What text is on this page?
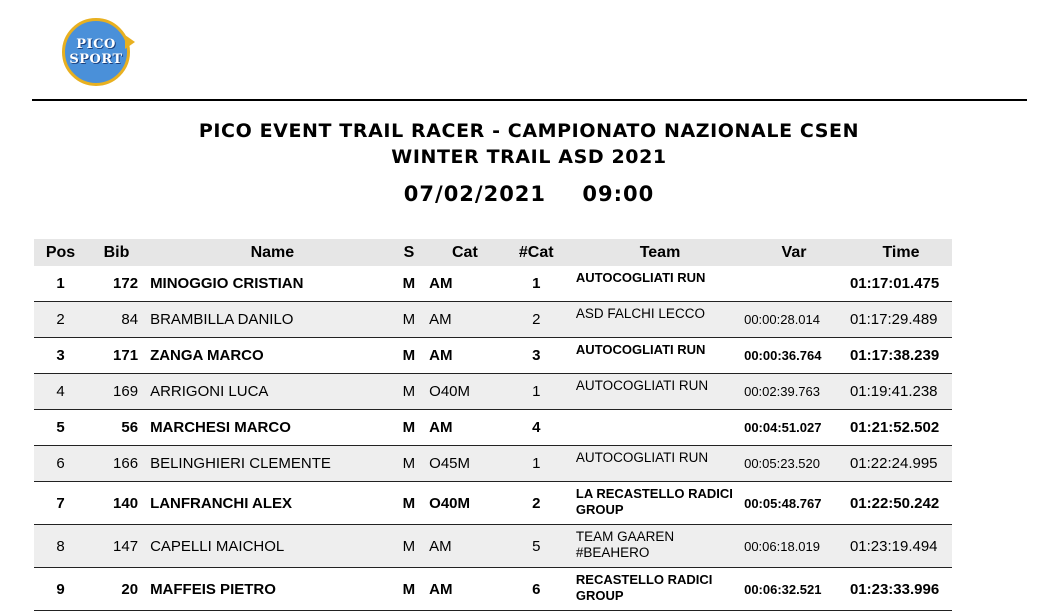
PICO
SPORT
PICO EVENT TRAIL RACER - CAMPIONATO NAZIONALE CSEN
WINTER TRAIL ASD 2021
07/02/2021 09:00
Pos	Bib	Name	S	Cat	#Cat	Team	Var	Time
1	172	MINOGGIO CRISTIAN	M	AM	1	AUTOCOGLIATI RUN		01:17:01.475
2	84	BRAMBILLA DANILO	M	AM	2	ASD FALCHI LECCO	00:00:28.014	01:17:29.489
3	171	ZANGA MARCO	M	AM	3	AUTOCOGLIATI RUN	00:00:36.764	01:17:38.239
4	169	ARRIGONI LUCA	M	O40M	1	AUTOCOGLIATI RUN	00:02:39.763	01:19:41.238
5	56	MARCHESI MARCO	M	AM	4		00:04:51.027	01:21:52.502
6	166	BELINGHIERI CLEMENTE	M	O45M	1	AUTOCOGLIATI RUN	00:05:23.520	01:22:24.995
7	140	LANFRANCHI ALEX	M	O40M	2	LA RECASTELLO RADICI GROUP	00:05:48.767	01:22:50.242
8	147	CAPELLI MAICHOL	M	AM	5	TEAM GAAREN #BEAHERO	00:06:18.019	01:23:19.494
9	20	MAFFEIS PIETRO	M	AM	6	RECASTELLO RADICI GROUP	00:06:32.521	01:23:33.996
